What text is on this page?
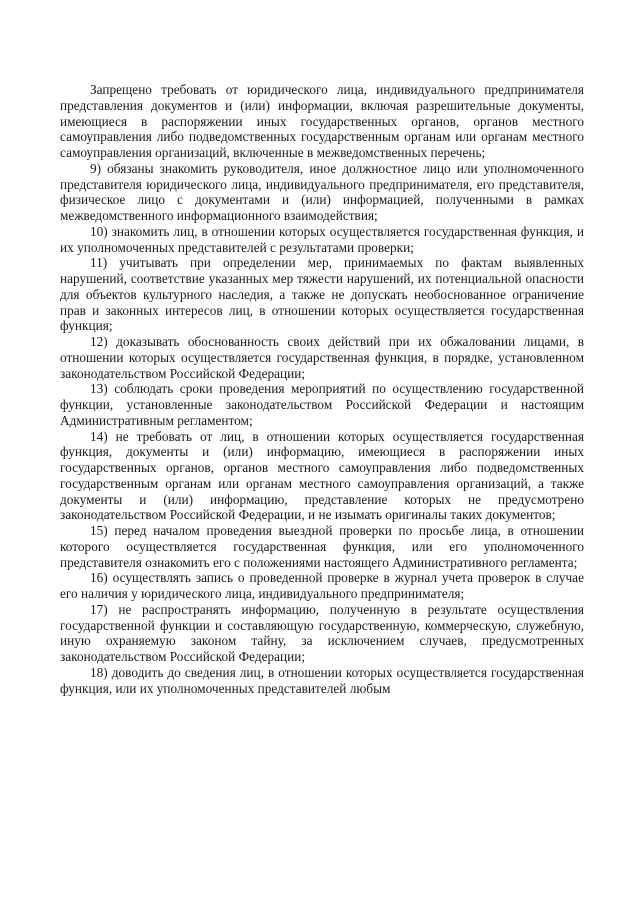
Запрещено требовать от юридического лица, индивидуального предпринимателя представления документов и (или) информации, включая разрешительные документы, имеющиеся в распоряжении иных государственных органов, органов местного самоуправления либо подведомственных государственным органам или органам местного самоуправления организаций, включенные в межведомственных перечень;

9) обязаны знакомить руководителя, иное должностное лицо или уполномоченного представителя юридического лица, индивидуального предпринимателя, его представителя, физическое лицо с документами и (или) информацией, полученными в рамках межведомственного информационного взаимодействия;

10) знакомить лиц, в отношении которых осуществляется государственная функция, и их уполномоченных представителей с результатами проверки;

11) учитывать при определении мер, принимаемых по фактам выявленных нарушений, соответствие указанных мер тяжести нарушений, их потенциальной опасности для объектов культурного наследия, а также не допускать необоснованное ограничение прав и законных интересов лиц, в отношении которых осуществляется государственная функция;

12) доказывать обоснованность своих действий при их обжаловании лицами, в отношении которых осуществляется государственная функция, в порядке, установленном законодательством Российской Федерации;

13) соблюдать сроки проведения мероприятий по осуществлению государственной функции, установленные законодательством Российской Федерации и настоящим Административным регламентом;

14) не требовать от лиц, в отношении которых осуществляется государственная функция, документы и (или) информацию, имеющиеся в распоряжении иных государственных органов, органов местного самоуправления либо подведомственных государственным органам или органам местного самоуправления организаций, а также документы и (или) информацию, представление которых не предусмотрено законодательством Российской Федерации, и не изымать оригиналы таких документов;

15) перед началом проведения выездной проверки по просьбе лица, в отношении которого осуществляется государственная функция, или его уполномоченного представителя ознакомить его с положениями настоящего Административного регламента;

16) осуществлять запись о проведенной проверке в журнал учета проверок в случае его наличия у юридического лица, индивидуального предпринимателя;

17) не распространять информацию, полученную в результате осуществления государственной функции и составляющую государственную, коммерческую, служебную, иную охраняемую законом тайну, за исключением случаев, предусмотренных законодательством Российской Федерации;

18) доводить до сведения лиц, в отношении которых осуществляется государственная функция, или их уполномоченных представителей любым
